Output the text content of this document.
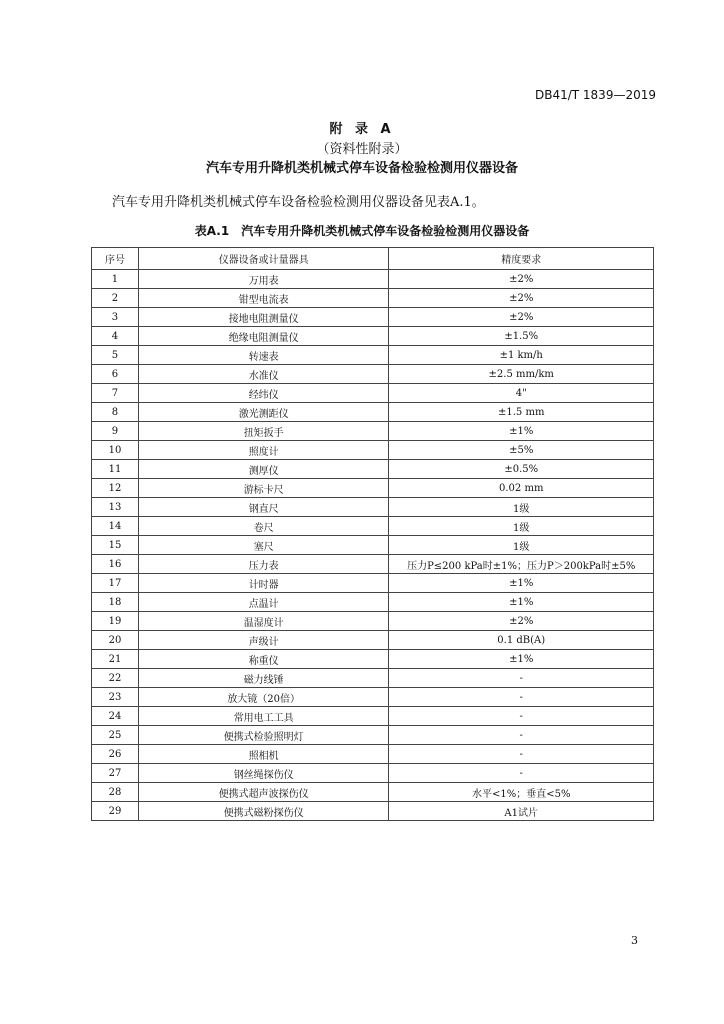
DB41/T 1839—2019
附 录 A
（资料性附录）
汽车专用升降机类机械式停车设备检验检测用仪器设备
汽车专用升降机类机械式停车设备检验检测用仪器设备见表A.1。
表A.1　汽车专用升降机类机械式停车设备检验检测用仪器设备
序号	仪器设备或计量器具	精度要求
1	万用表	±2%
2	钳型电流表	±2%
3	接地电阻测量仪	±2%
4	绝缘电阻测量仪	±1.5%
5	转速表	±1 km/h
6	水准仪	±2.5 mm/km
7	经纬仪	4"
8	激光测距仪	±1.5 mm
9	扭矩扳手	±1%
10	照度计	±5%
11	测厚仪	±0.5%
12	游标卡尺	0.02 mm
13	钢直尺	1级
14	卷尺	1级
15	塞尺	1级
16	压力表	压力P≤200 kPa时±1%；压力P＞200kPa时±5%
17	计时器	±1%
18	点温计	±1%
19	温湿度计	±2%
20	声级计	0.1 dB(A)
21	称重仪	±1%
22	磁力线锤	-
23	放大镜（20倍）	-
24	常用电工工具	-
25	便携式检验照明灯	-
26	照相机	-
27	钢丝绳探伤仪	-
28	便携式超声波探伤仪	水平<1%；垂直<5%
29	便携式磁粉探伤仪	A1试片
3
